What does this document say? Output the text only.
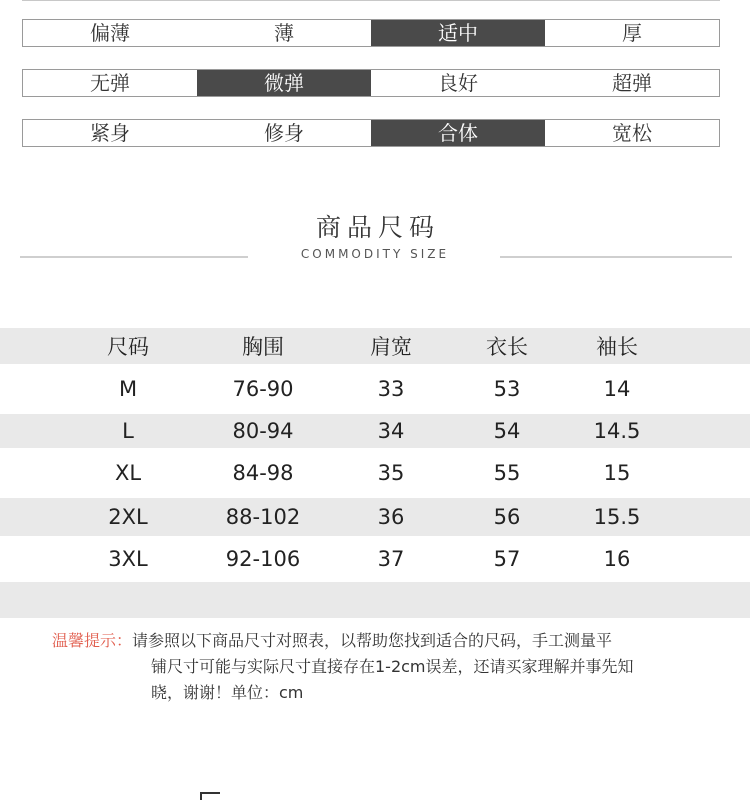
偏薄	薄	适中	厚
无弹	微弹	良好	超弹
紧身	修身	合体	宽松
商品尺码
COMMODITY SIZE
尺码	胸围	肩宽	衣长	袖长
M	76-90	33	53	14
L	80-94	34	54	14.5
XL	84-98	35	55	15
2XL	88-102	36	56	15.5
3XL	92-106	37	57	16
温馨提示：请参照以下商品尺寸对照表，以帮助您找到适合的尺码，手工测量平
铺尺寸可能与实际尺寸直接存在1-2cm误差，还请买家理解并事先知
晓，谢谢！单位：cm
